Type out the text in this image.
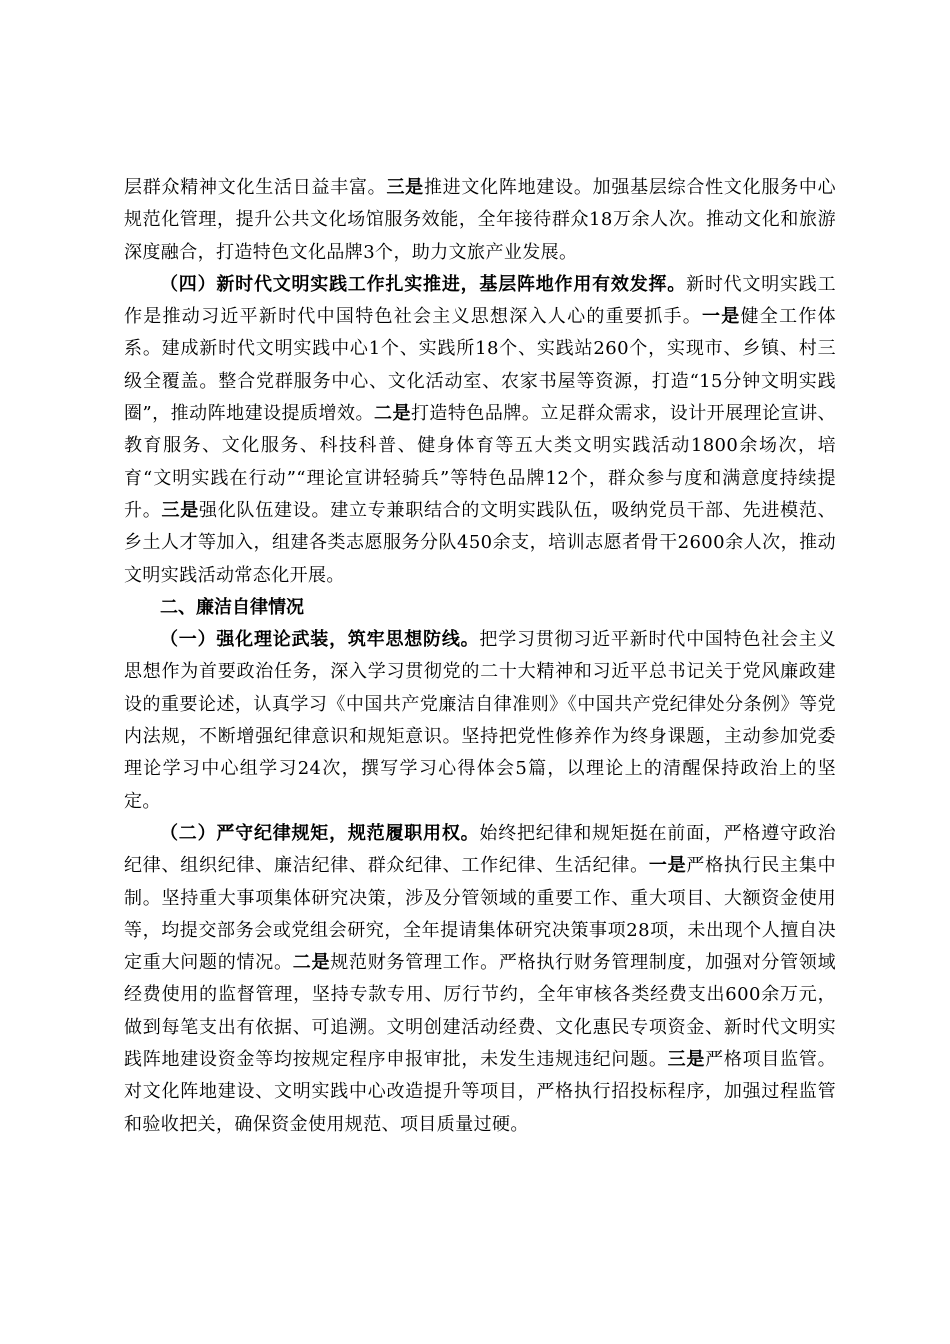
层群众精神文化生活日益丰富。三是推进文化阵地建设。加强基层综合性文化服务中心规范化管理，提升公共文化场馆服务效能，全年接待群众18万余人次。推动文化和旅游深度融合，打造特色文化品牌3个，助力文旅产业发展。

（四）新时代文明实践工作扎实推进，基层阵地作用有效发挥。新时代文明实践工作是推动习近平新时代中国特色社会主义思想深入人心的重要抓手。一是健全工作体系。建成新时代文明实践中心1个、实践所18个、实践站260个，实现市、乡镇、村三级全覆盖。整合党群服务中心、文化活动室、农家书屋等资源，打造“15分钟文明实践圈”，推动阵地建设提质增效。二是打造特色品牌。立足群众需求，设计开展理论宣讲、教育服务、文化服务、科技科普、健身体育等五大类文明实践活动1800余场次，培育“文明实践在行动”“理论宣讲轻骑兵”等特色品牌12个，群众参与度和满意度持续提升。三是强化队伍建设。建立专兼职结合的文明实践队伍，吸纳党员干部、先进模范、乡土人才等加入，组建各类志愿服务分队450余支，培训志愿者骨干2600余人次，推动文明实践活动常态化开展。

二、廉洁自律情况

（一）强化理论武装，筑牢思想防线。把学习贯彻习近平新时代中国特色社会主义思想作为首要政治任务，深入学习贯彻党的二十大精神和习近平总书记关于党风廉政建设的重要论述，认真学习《中国共产党廉洁自律准则》《中国共产党纪律处分条例》等党内法规，不断增强纪律意识和规矩意识。坚持把党性修养作为终身课题，主动参加党委理论学习中心组学习24次，撰写学习心得体会5篇，以理论上的清醒保持政治上的坚定。

（二）严守纪律规矩，规范履职用权。始终把纪律和规矩挺在前面，严格遵守政治纪律、组织纪律、廉洁纪律、群众纪律、工作纪律、生活纪律。一是严格执行民主集中制。坚持重大事项集体研究决策，涉及分管领域的重要工作、重大项目、大额资金使用等，均提交部务会或党组会研究，全年提请集体研究决策事项28项，未出现个人擅自决定重大问题的情况。二是规范财务管理工作。严格执行财务管理制度，加强对分管领域经费使用的监督管理，坚持专款专用、厉行节约，全年审核各类经费支出600余万元，做到每笔支出有依据、可追溯。文明创建活动经费、文化惠民专项资金、新时代文明实践阵地建设资金等均按规定程序申报审批，未发生违规违纪问题。三是严格项目监管。对文化阵地建设、文明实践中心改造提升等项目，严格执行招投标程序，加强过程监管和验收把关，确保资金使用规范、项目质量过硬。
